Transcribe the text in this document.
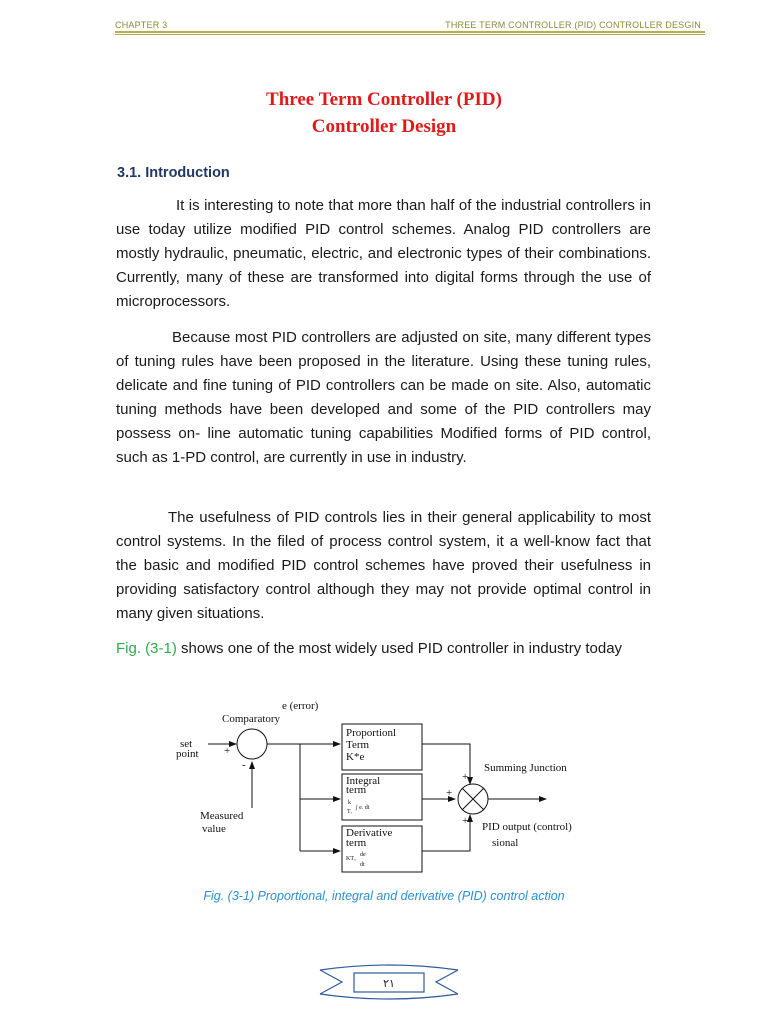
CHAPTER 3	THREE TERM CONTROLLER (PID) CONTROLLER DESGIN
Three Term Controller (PID)
Controller Design
3.1. Introduction

It is interesting to note that more than half of the industrial controllers in use today utilize modified PID control schemes. Analog PID controllers are mostly hydraulic, pneumatic, electric, and electronic types of their combinations. Currently, many of these are transformed into digital forms through the use of microprocessors.

Because most PID controllers are adjusted on site, many different types of tuning rules have been proposed in the literature. Using these tuning rules, delicate and fine tuning of PID controllers can be made on site. Also, automatic tuning methods have been developed and some of the PID controllers may possess on- line automatic tuning capabilities Modified forms of PID control, such as 1-PD control, are currently in use in industry.

The usefulness of PID controls lies in their general applicability to most control systems. In the filed of process control system, it a well-know fact that the basic and modified PID control schemes have proved their usefulness in providing satisfactory control although they may not provide optimal control in many given situations.

Fig. (3-1) shows one of the most widely used PID controller in industry today

e (error)
Comparatory
set
point +
-
Measured
value
Proportionl
Term
K*e
Integral
term
k
Tᵢ
∫ e. dt
Derivative
term
KTₐ
de
dt
+
+
+
Summing Junction
PID output (control)
sional
Fig. (3-1) Proportional, integral and derivative (PID) control action
٢١
